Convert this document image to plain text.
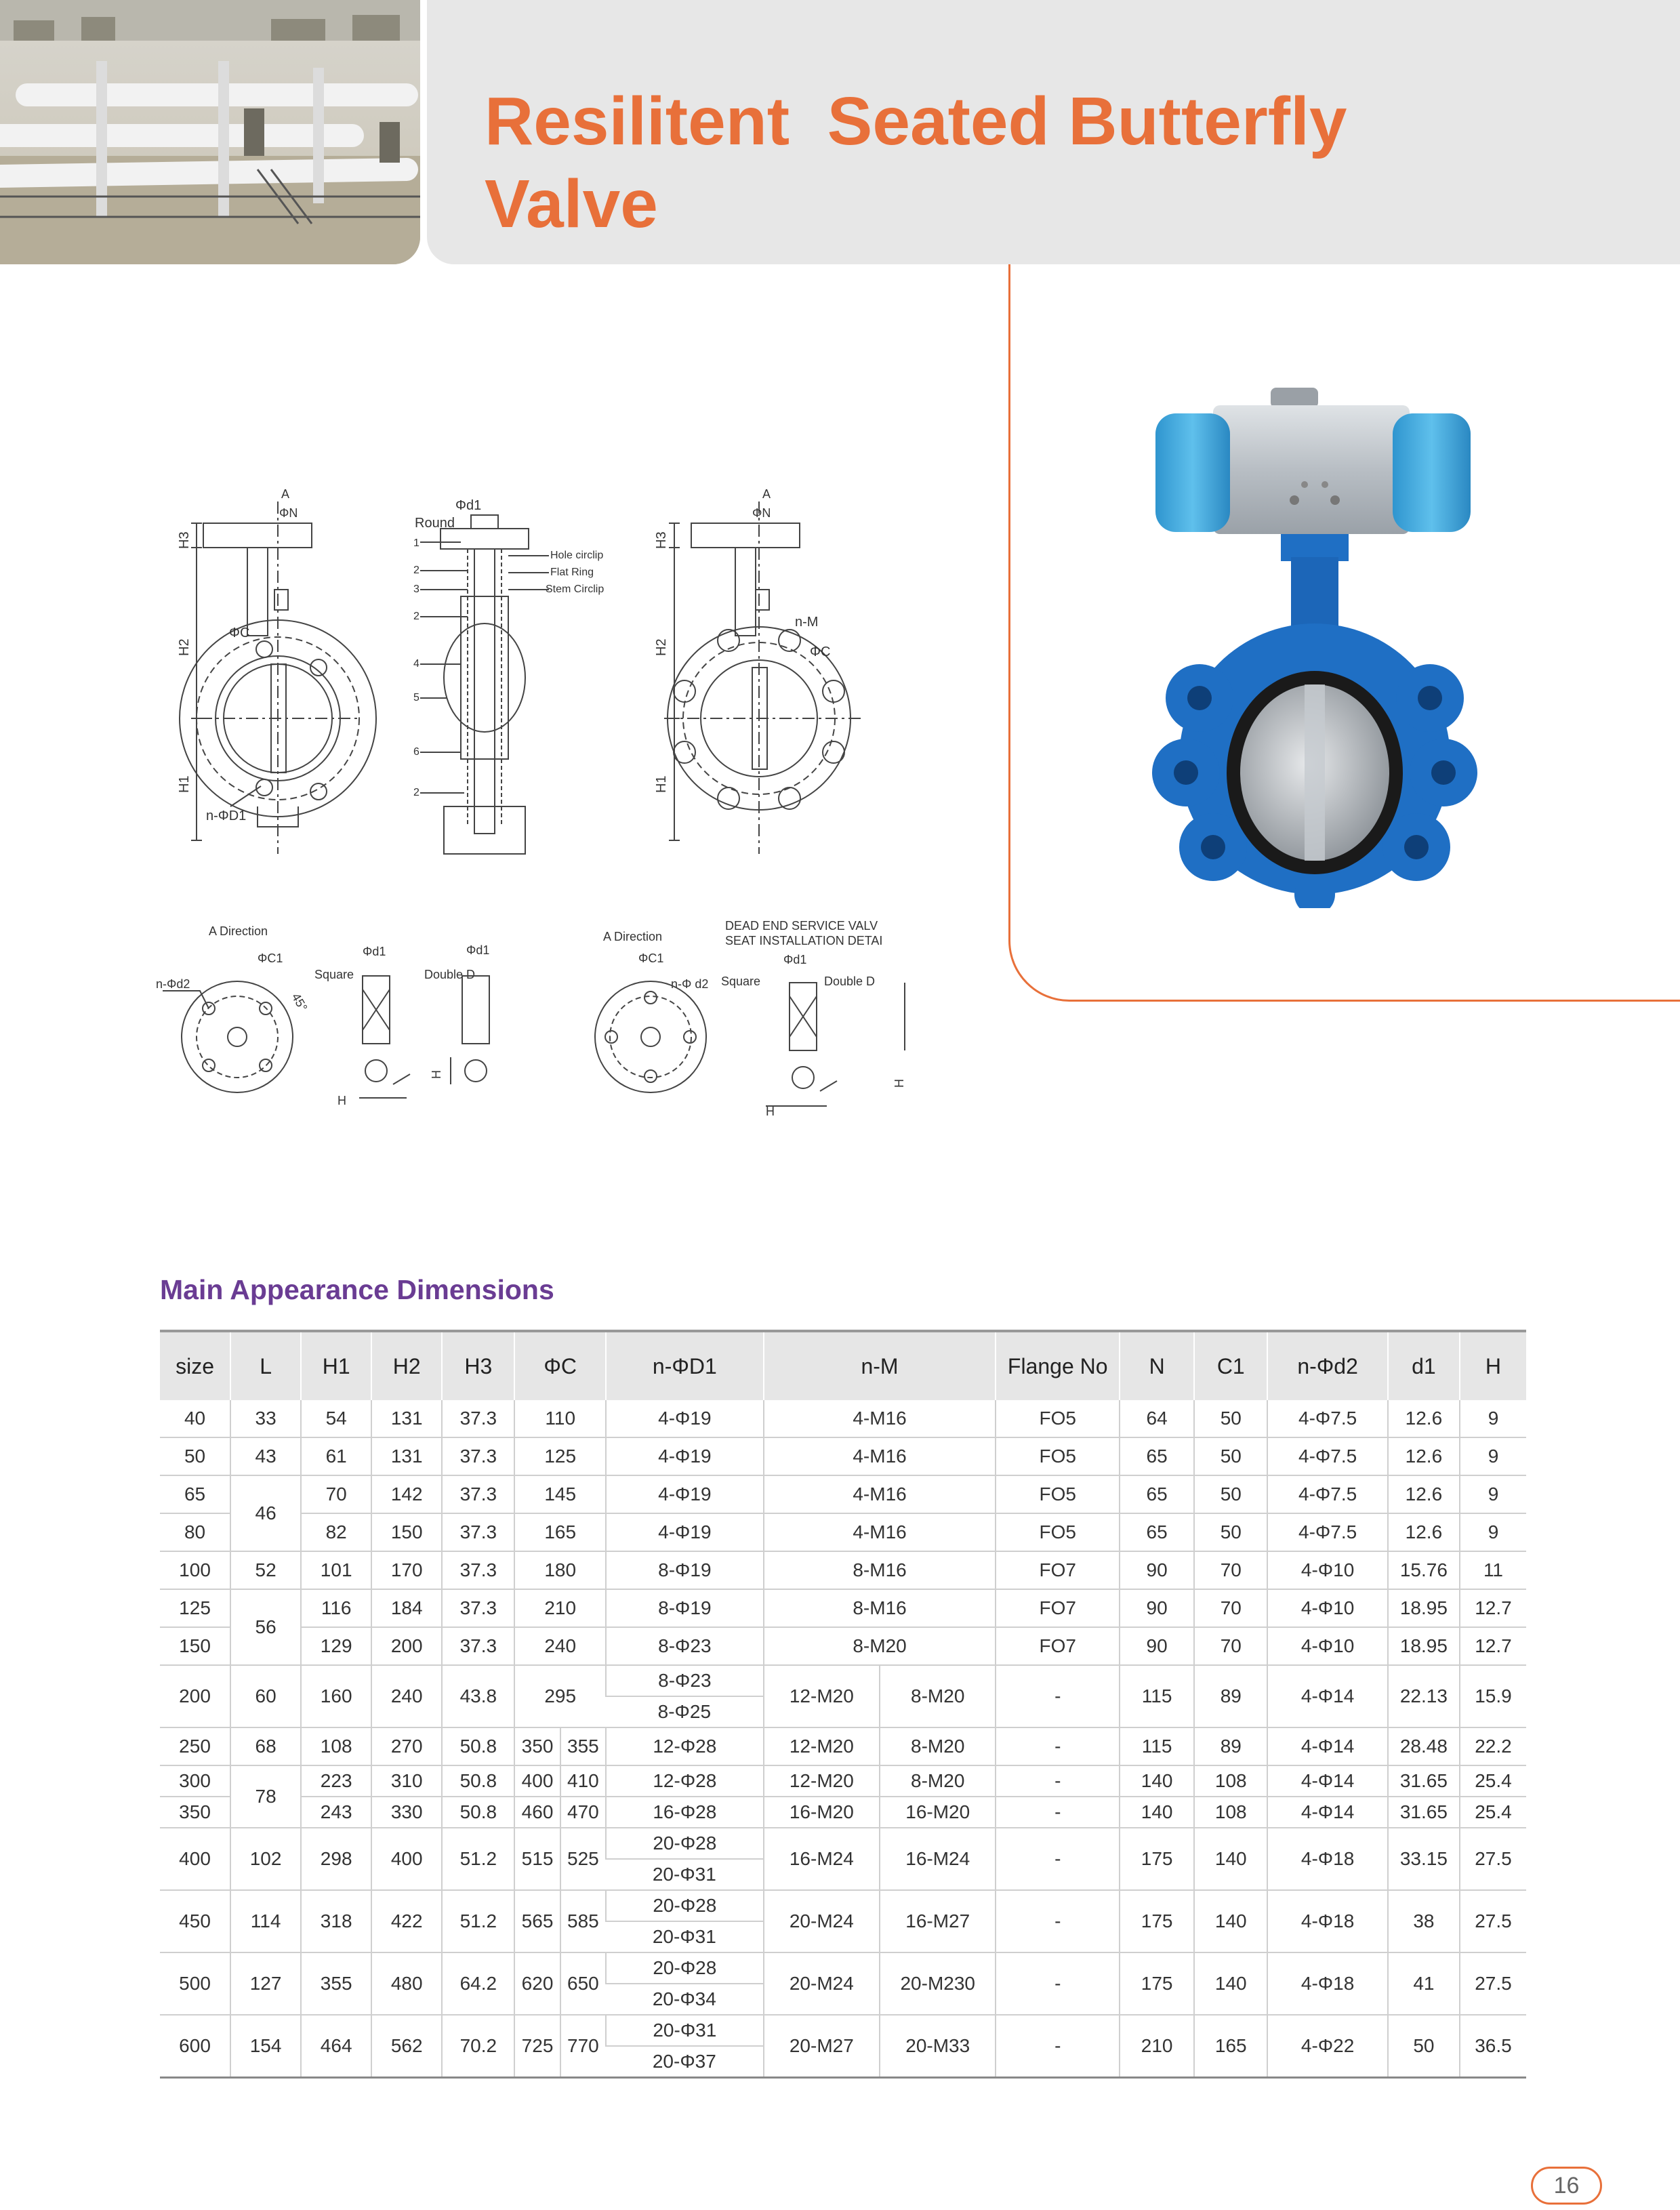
Resilitent  Seated Butterfly
Valve
A
ΦN
H3
H2
H1
ΦC
n-ΦD1
Φd1
Round
Hole circlip
Flat Ring
Stem Circlip
1
2
3
2
4
5
6
2
A
ΦN
H3
H2
H1
n-M
ΦC
A Direction
ΦC1
n-Φd2
45°
Φd1
Square
H
Φd1
Double D
H
A Direction
ΦC1
n-Φ d2
DEAD END SERVICE VALV
SEAT INSTALLATION DETAI
Φd1
Square	Double D
H
H
Main Appearance Dimensions
size	L	H1	H2	H3	ΦC		n-ΦD1	n-M		Flange No	N	C1	n-Φd2	d1	H
40	33	54	131	37.3	110		4-Φ19	4-M16		FO5	64	50	4-Φ7.5	12.6	9
50	43	61	131	37.3	125		4-Φ19	4-M16		FO5	65	50	4-Φ7.5	12.6	9
65	46	70	142	37.3	145		4-Φ19	4-M16		FO5	65	50	4-Φ7.5	12.6	9
80		82	150	37.3	165		4-Φ19	4-M16		FO5	65	50	4-Φ7.5	12.6	9
100	52	101	170	37.3	180		8-Φ19	8-M16		FO7	90	70	4-Φ10	15.76	11
125	56	116	184	37.3	210		8-Φ19	8-M16		FO7	90	70	4-Φ10	18.95	12.7
150		129	200	37.3	240		8-Φ23	8-M20		FO7	90	70	4-Φ10	18.95	12.7
200	60	160	240	43.8	295		8-Φ23	12-M20	8-M20	-	115	89	4-Φ14	22.13	15.9
							8-Φ25								
250	68	108	270	50.8	350	355	12-Φ28	12-M20	8-M20	-	115	89	4-Φ14	28.48	22.2
300	78	223	310	50.8	400	410	12-Φ28	12-M20	8-M20	-	140	108	4-Φ14	31.65	25.4
350		243	330	50.8	460	470	16-Φ28	16-M20	16-M20	-	140	108	4-Φ14	31.65	25.4
400	102	298	400	51.2	515	525	20-Φ28	16-M24	16-M24	-	175	140	4-Φ18	33.15	27.5
							20-Φ31								
450	114	318	422	51.2	565	585	20-Φ28	20-M24	16-M27	-	175	140	4-Φ18	38	27.5
							20-Φ31								
500	127	355	480	64.2	620	650	20-Φ28	20-M24	20-M230	-	175	140	4-Φ18	41	27.5
							20-Φ34								
600	154	464	562	70.2	725	770	20-Φ31	20-M27	20-M33	-	210	165	4-Φ22	50	36.5
							20-Φ37								
16
